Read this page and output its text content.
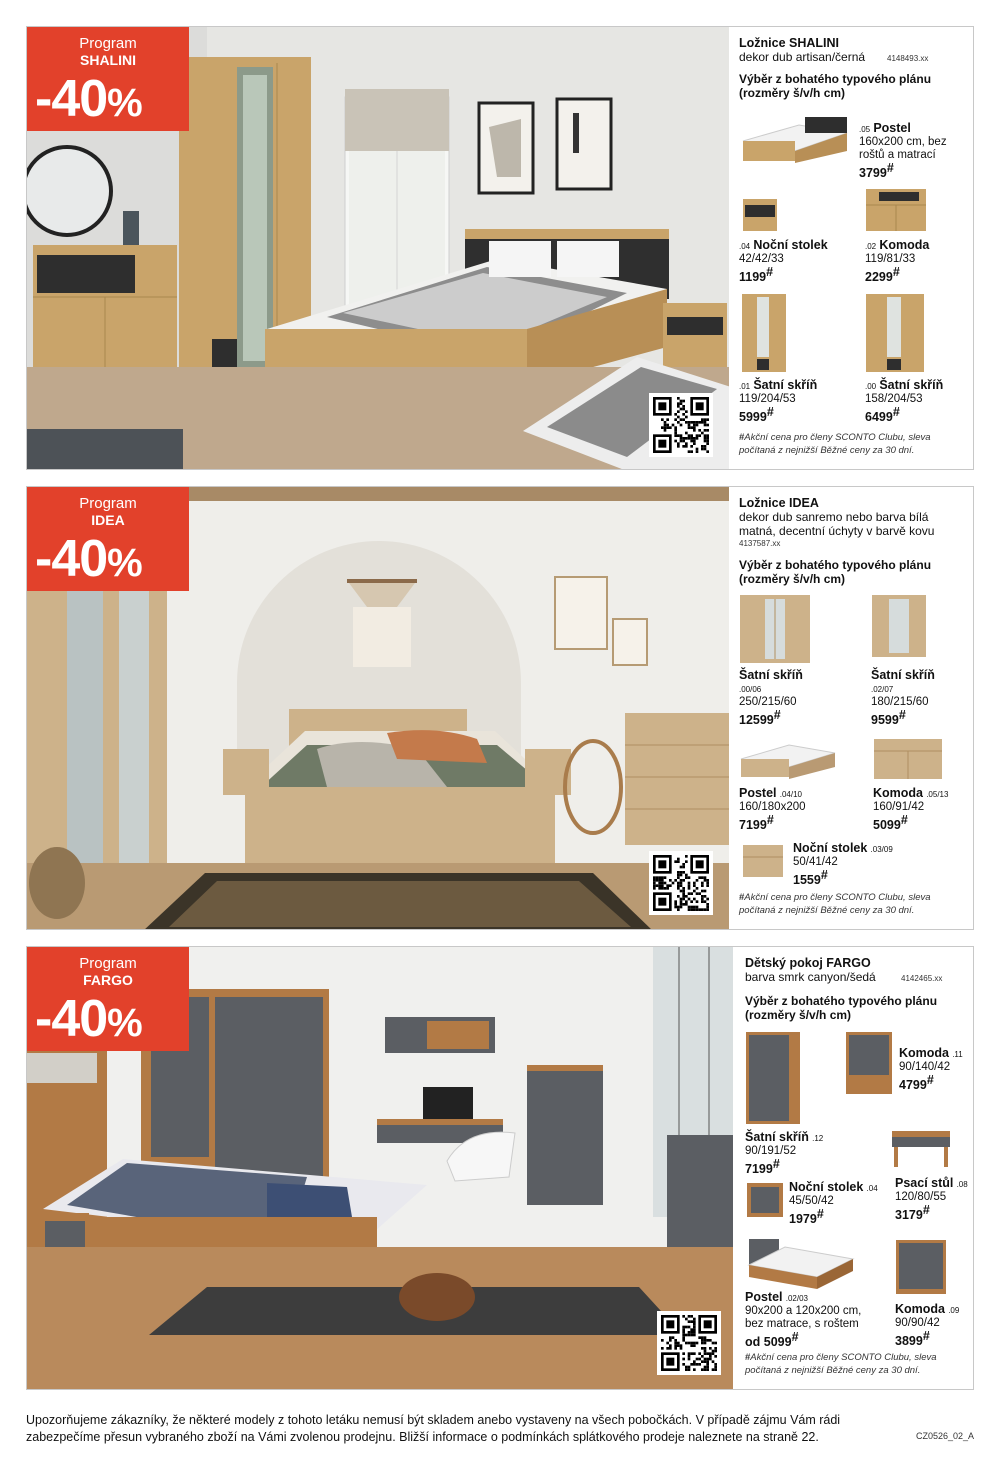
Program
SHALINI
-40%
Ložnice SHALINI
dekor dub artisan/černá	4148493.xx
Výběr z bohatého typového plánu
(rozměry š/v/h cm)
.05 Postel
160x200 cm, bez
roštů a matrací
3799#
.04 Noční stolek
42/42/33
1199#
.02 Komoda
119/81/33
2299#
.01 Šatní skříň
119/204/53
5999#
.00 Šatní skříň
158/204/53
6499#
#Akční cena pro členy SCONTO Clubu, sleva
počítaná z nejnižší Běžné ceny za 30 dní.
Program
IDEA
-40%
Ložnice IDEA
dekor dub sanremo nebo barva bílá
matná, decentní úchyty v barvě kovu
4137587.xx
Výběr z bohatého typového plánu
(rozměry š/v/h cm)
Šatní skříň
.00/06
250/215/60
12599#
Šatní skříň
.02/07
180/215/60
9599#
Postel .04/10
160/180x200
7199#
Komoda .05/13
160/91/42
5099#
Noční stolek .03/09
50/41/42
1559#
#Akční cena pro členy SCONTO Clubu, sleva
počítaná z nejnižší Běžné ceny za 30 dní.
Program
FARGO
-40%
Dětský pokoj FARGO
barva smrk canyon/šedá	4142465.xx
Výběr z bohatého typového plánu
(rozměry š/v/h cm)
Komoda .11
90/140/42
4799#
Šatní skříň .12
90/191/52
7199#
Psací stůl .08
120/80/55
3179#
Noční stolek .04
45/50/42
1979#
Postel .02/03
90x200 a 120x200 cm,
bez matrace, s roštem
od 5099#
Komoda .09
90/90/42
3899#
#Akční cena pro členy SCONTO Clubu, sleva
počítaná z nejnižší Běžné ceny za 30 dní.
Upozorňujeme zákazníky, že některé modely z tohoto letáku nemusí být skladem anebo vystaveny na všech pobočkách. V případě zájmu Vám rádi
zabezpečíme přesun vybraného zboží na Vámi zvolenou prodejnu. Bližší informace o podmínkách splátkového prodeje naleznete na straně 22.	CZ0526_02_A
